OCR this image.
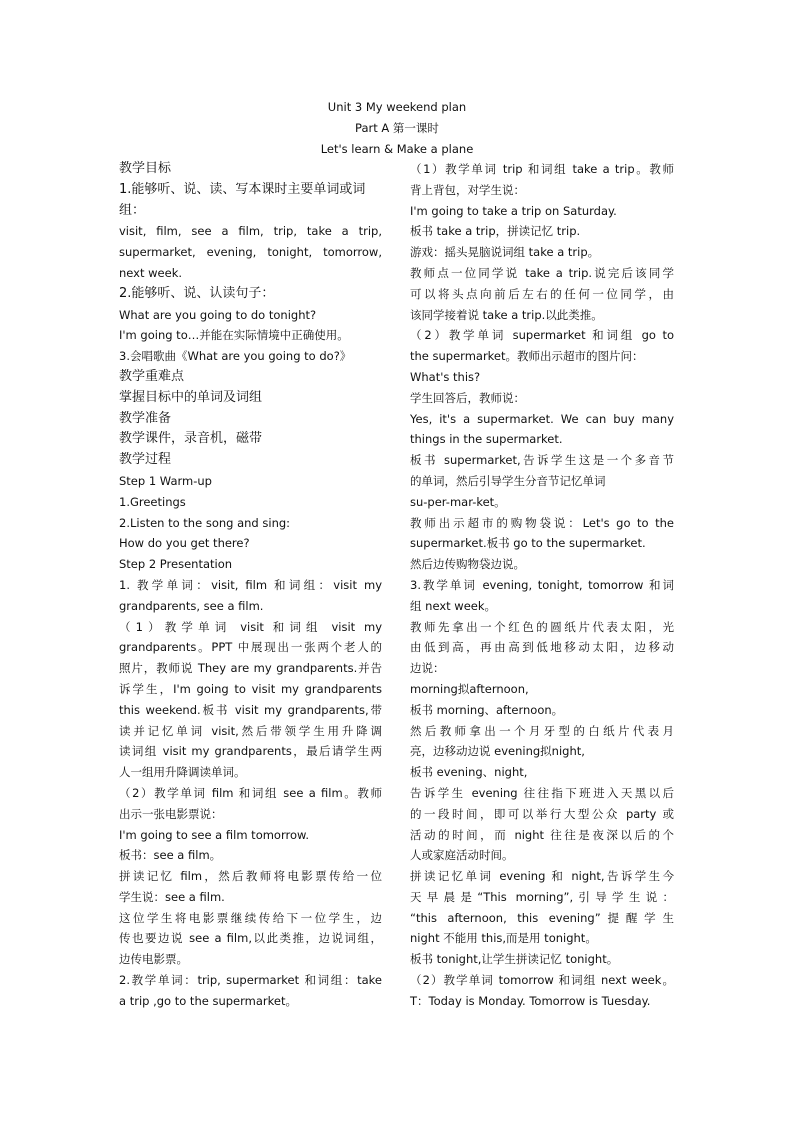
Unit 3 My weekend plan
Part A 第一课时
Let's learn & Make a plane
教学目标
1.能够听、说、读、写本课时主要单词或词
组：
visit, film, see a film, trip, take a trip,
supermarket, evening, tonight, tomorrow,
next week.
2.能够听、说、认读句子：
What are you going to do tonight?
I'm going to…并能在实际情境中正确使用。
3.会唱歌曲《What are you going to do?》
教学重难点
掌握目标中的单词及词组
教学准备
教学课件，录音机，磁带
教学过程
Step 1 Warm-up
1.Greetings
2.Listen to the song and sing:
How do you get there?
Step 2 Presentation
1. 教学单词：visit, film 和词组：visit my
grandparents, see a film.
（1）教学单词 visit 和词组 visit my
grandparents。PPT 中展现出一张两个老人的
照片，教师说 They are my grandparents.并告
诉学生，I'm going to visit my grandparents
this weekend.板书 visit my grandparents,带
读并记忆单词 visit,然后带领学生用升降调
读词组 visit my grandparents，最后请学生两
人一组用升降调读单词。
（2）教学单词 film 和词组 see a film。教师
出示一张电影票说：
I'm going to see a film tomorrow.
板书：see a film。
拼读记忆 film，然后教师将电影票传给一位
学生说：see a film.
这位学生将电影票继续传给下一位学生，边
传也要边说 see a film,以此类推，边说词组，
边传电影票。
2.教学单词：trip, supermarket 和词组：take
a trip ,go to the supermarket。
（1）教学单词 trip 和词组 take a trip。教师
背上背包，对学生说：
I'm going to take a trip on Saturday.
板书 take a trip，拼读记忆 trip.
游戏：摇头晃脑说词组 take a trip。
教师点一位同学说 take a trip.说完后该同学
可以将头点向前后左右的任何一位同学，由
该同学接着说 take a trip.以此类推。
（2）教学单词 supermarket 和词组 go to
the supermarket。教师出示超市的图片问：
What's this?
学生回答后，教师说：
Yes, it's a supermarket. We can buy many
things in the supermarket.
板书 supermarket,告诉学生这是一个多音节
的单词，然后引导学生分音节记忆单词
su-per-mar-ket。
教师出示超市的购物袋说：Let's go to the
supermarket.板书 go to the supermarket.
然后边传购物袋边说。
3.教学单词 evening, tonight, tomorrow 和词
组 next week。
教师先拿出一个红色的圆纸片代表太阳，光
由低到高，再由高到低地移动太阳，边移动
边说：
morning拟afternoon,
板书 morning、afternoon。
然后教师拿出一个月牙型的白纸片代表月
亮，边移动边说 evening拟night,
板书 evening、night,
告诉学生 evening 往往指下班进入天黑以后
的一段时间，即可以举行大型公众 party 或
活动的时间，而 night 往往是夜深以后的个
人或家庭活动时间。
拼读记忆单词 evening 和 night,告诉学生今
天早晨是“This morning”,引导学生说：
“this afternoon, this evening”提醒学生
night 不能用 this,而是用 tonight。
板书 tonight,让学生拼读记忆 tonight。
（2）教学单词 tomorrow 和词组 next week。
T：Today is Monday. Tomorrow is Tuesday.
